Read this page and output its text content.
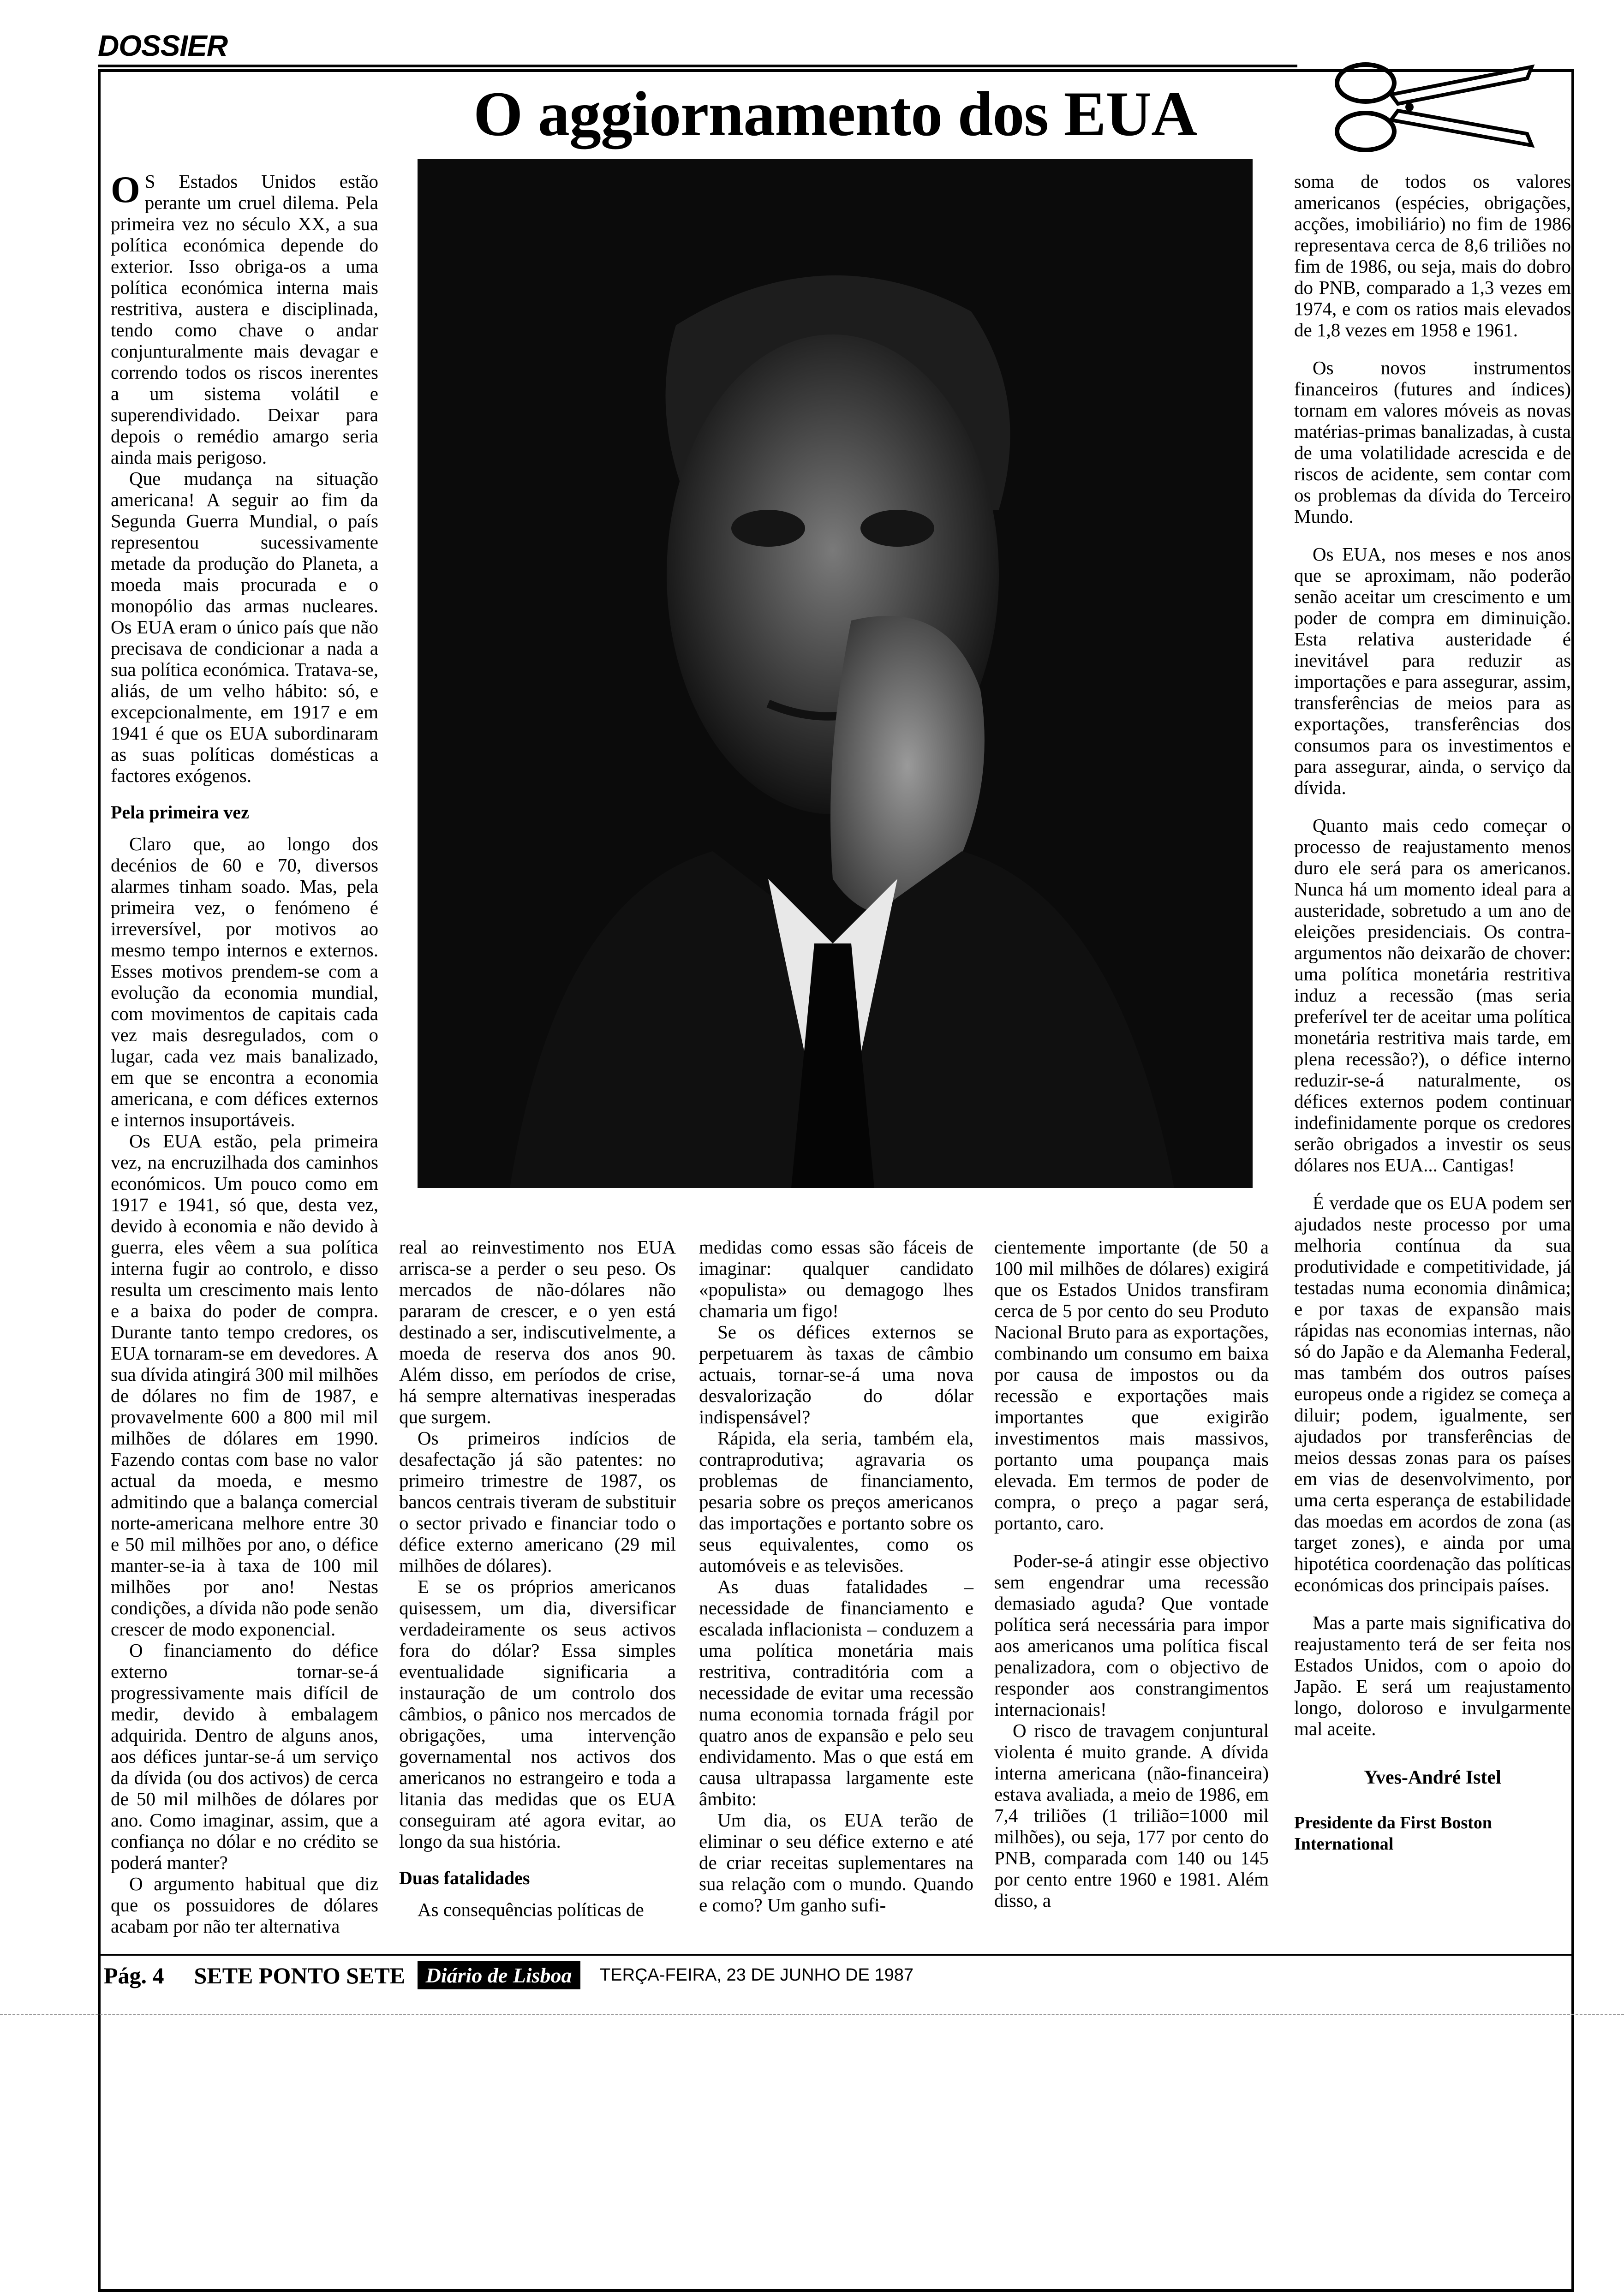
DOSSIER
O aggiornamento dos EUA

O S Estados Unidos estão perante um cruel dilema. Pela primeira vez no século XX, a sua política económica depende do exterior. Isso obriga-os a uma política económica interna mais restritiva, austera e disciplinada, tendo como chave o andar conjunturalmente mais devagar e correndo todos os riscos inerentes a um sistema volátil e superendividado. Deixar para depois o remédio amargo seria ainda mais perigoso.

Que mudança na situação americana! A seguir ao fim da Segunda Guerra Mundial, o país representou sucessivamente metade da produção do Planeta, a moeda mais procurada e o monopólio das armas nucleares. Os EUA eram o único país que não precisava de condicionar a nada a sua política económica. Tratava-se, aliás, de um velho hábito: só, e excepcionalmente, em 1917 e em 1941 é que os EUA subordinaram as suas políticas domésticas a factores exógenos.

Pela primeira vez

Claro que, ao longo dos decénios de 60 e 70, diversos alarmes tinham soado. Mas, pela primeira vez, o fenómeno é irreversível, por motivos ao mesmo tempo internos e externos. Esses motivos prendem-se com a evolução da economia mundial, com movimentos de capitais cada vez mais desregulados, com o lugar, cada vez mais banalizado, em que se encontra a economia americana, e com défices externos e internos insuportáveis.

Os EUA estão, pela primeira vez, na encruzilhada dos caminhos económicos. Um pouco como em 1917 e 1941, só que, desta vez, devido à economia e não devido à guerra, eles vêem a sua política interna fugir ao controlo, e disso resulta um crescimento mais lento e a baixa do poder de compra. Durante tanto tempo credores, os EUA tornaram-se em devedores. A sua dívida atingirá 300 mil milhões de dólares no fim de 1987, e provavelmente 600 a 800 mil mil milhões de dólares em 1990. Fazendo contas com base no valor actual da moeda, e mesmo admitindo que a balança comercial norte-americana melhore entre 30 e 50 mil milhões por ano, o défice manter-se-ia à taxa de 100 mil milhões por ano! Nestas condições, a dívida não pode senão crescer de modo exponencial.

O financiamento do défice externo tornar-se-á progressivamente mais difícil de medir, devido à embalagem adquirida. Dentro de alguns anos, aos défices juntar-se-á um serviço da dívida (ou dos activos) de cerca de 50 mil milhões de dólares por ano. Como imaginar, assim, que a confiança no dólar e no crédito se poderá manter?

O argumento habitual que diz que os possuidores de dólares acabam por não ter alternativa

real ao reinvestimento nos EUA arrisca-se a perder o seu peso. Os mercados de não-dólares não pararam de crescer, e o yen está destinado a ser, indiscutivelmente, a moeda de reserva dos anos 90. Além disso, em períodos de crise, há sempre alternativas inesperadas que surgem.

Os primeiros indícios de desafectação já são patentes: no primeiro trimestre de 1987, os bancos centrais tiveram de substituir o sector privado e financiar todo o défice externo americano (29 mil milhões de dólares).

E se os próprios americanos quisessem, um dia, diversificar verdadeiramente os seus activos fora do dólar? Essa simples eventualidade significaria a instauração de um controlo dos câmbios, o pânico nos mercados de obrigações, uma intervenção governamental nos activos dos americanos no estrangeiro e toda a litania das medidas que os EUA conseguiram até agora evitar, ao longo da sua história.

Duas fatalidades

As consequências políticas de

medidas como essas são fáceis de imaginar: qualquer candidato «populista» ou demagogo lhes chamaria um figo!

Se os défices externos se perpetuarem às taxas de câmbio actuais, tornar-se-á uma nova desvalorização do dólar indispensável?

Rápida, ela seria, também ela, contraprodutiva; agravaria os problemas de financiamento, pesaria sobre os preços americanos das importações e portanto sobre os seus equivalentes, como os automóveis e as televisões.

As duas fatalidades – necessidade de financiamento e escalada inflacionista – conduzem a uma política monetária mais restritiva, contraditória com a necessidade de evitar uma recessão numa economia tornada frágil por quatro anos de expansão e pelo seu endividamento. Mas o que está em causa ultrapassa largamente este âmbito:

Um dia, os EUA terão de eliminar o seu défice externo e até de criar receitas suplementares na sua relação com o mundo. Quando e como? Um ganho sufi-

cientemente importante (de 50 a 100 mil milhões de dólares) exigirá que os Estados Unidos transfiram cerca de 5 por cento do seu Produto Nacional Bruto para as exportações, combinando um consumo em baixa por causa de impostos ou da recessão e exportações mais importantes que exigirão investimentos mais massivos, portanto uma poupança mais elevada. Em termos de poder de compra, o preço a pagar será, portanto, caro.

Poder-se-á atingir esse objectivo sem engendrar uma recessão demasiado aguda? Que vontade política será necessária para impor aos americanos uma política fiscal penalizadora, com o objectivo de responder aos constrangimentos internacionais!

O risco de travagem conjuntural violenta é muito grande. A dívida interna americana (não-financeira) estava avaliada, a meio de 1986, em 7,4 triliões (1 trilião=1000 mil milhões), ou seja, 177 por cento do PNB, comparada com 140 ou 145 por cento entre 1960 e 1981. Além disso, a

soma de todos os valores americanos (espécies, obrigações, acções, imobiliário) no fim de 1986 representava cerca de 8,6 triliões no fim de 1986, ou seja, mais do dobro do PNB, comparado a 1,3 vezes em 1974, e com os ratios mais elevados de 1,8 vezes em 1958 e 1961.

Os novos instrumentos financeiros (futures and índices) tornam em valores móveis as novas matérias-primas banalizadas, à custa de uma volatilidade acrescida e de riscos de acidente, sem contar com os problemas da dívida do Terceiro Mundo.

Os EUA, nos meses e nos anos que se aproximam, não poderão senão aceitar um crescimento e um poder de compra em diminuição. Esta relativa austeridade é inevitável para reduzir as importações e para assegurar, assim, transferências de meios para as exportações, transferências dos consumos para os investimentos e para assegurar, ainda, o serviço da dívida.

Quanto mais cedo começar o processo de reajustamento menos duro ele será para os americanos. Nunca há um momento ideal para a austeridade, sobretudo a um ano de eleições presidenciais. Os contra-argumentos não deixarão de chover: uma política monetária restritiva induz a recessão (mas seria preferível ter de aceitar uma política monetária restritiva mais tarde, em plena recessão?), o défice interno reduzir-se-á naturalmente, os défices externos podem continuar indefinidamente porque os credores serão obrigados a investir os seus dólares nos EUA... Cantigas!

É verdade que os EUA podem ser ajudados neste processo por uma melhoria contínua da sua produtividade e competitividade, já testadas numa economia dinâmica; e por taxas de expansão mais rápidas nas economias internas, não só do Japão e da Alemanha Federal, mas também dos outros países europeus onde a rigidez se começa a diluir; podem, igualmente, ser ajudados por transferências de meios dessas zonas para os países em vias de desenvolvimento, por uma certa esperança de estabilidade das moedas em acordos de zona (as target zones), e ainda por uma hipotética coordenação das políticas económicas dos principais países.

Mas a parte mais significativa do reajustamento terá de ser feita nos Estados Unidos, com o apoio do Japão. E será um reajustamento longo, doloroso e invulgarmente mal aceite.

Yves-André Istel
Presidente da First Boston International
Pág. 4 SETE PONTO SETE Diário de Lisboa TERÇA-FEIRA, 23 DE JUNHO DE 1987
